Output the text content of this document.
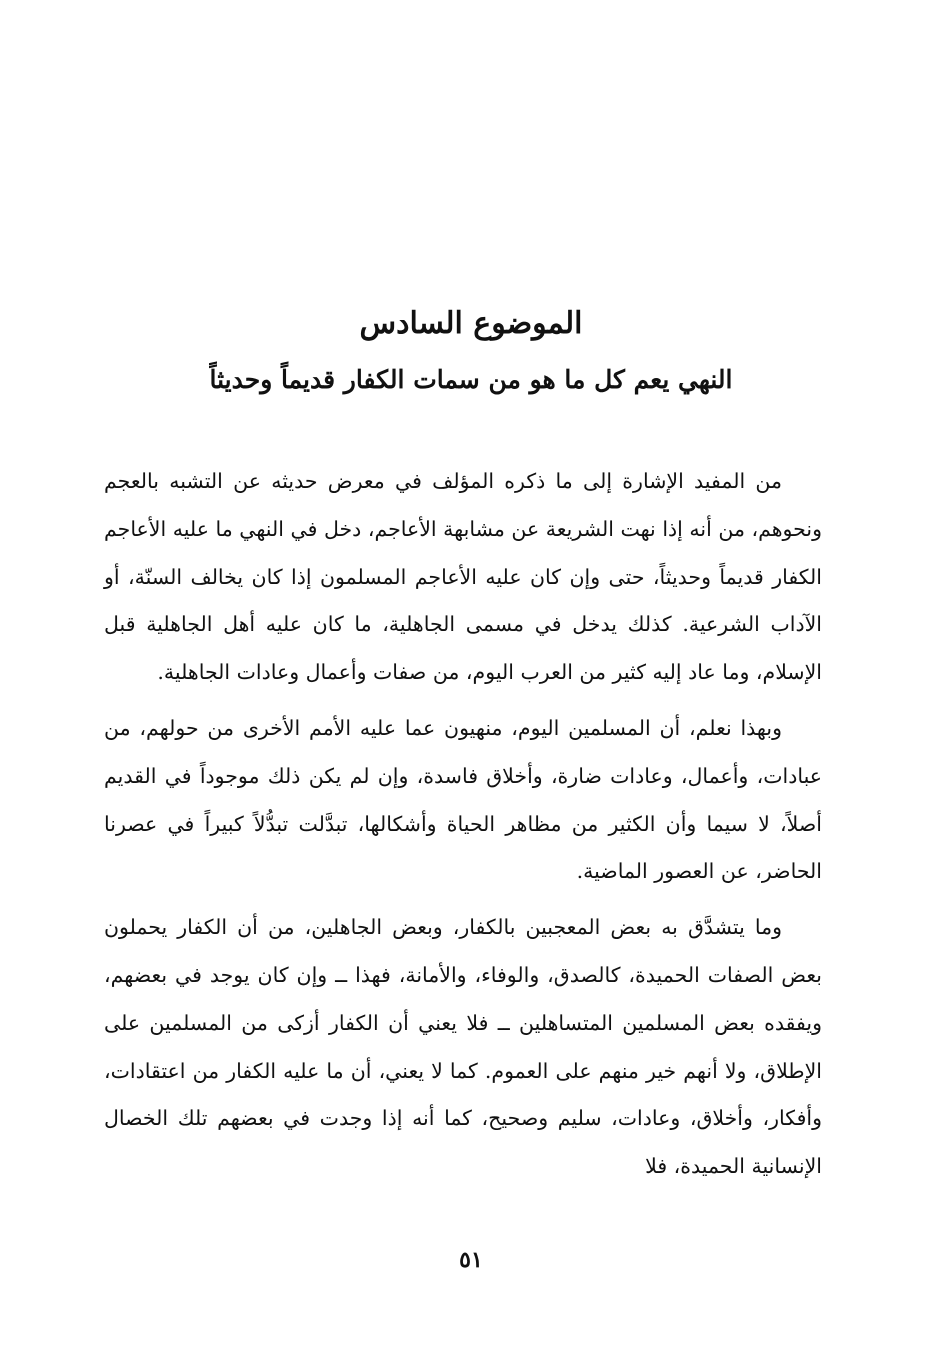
الموضوع السادس
النهي يعم كل ما هو من سمات الكفار قديماً وحديثاً

من المفيد الإشارة إلى ما ذكره المؤلف في معرض حديثه عن التشبه بالعجم ونحوهم، من أنه إذا نهت الشريعة عن مشابهة الأعاجم، دخل في النهي ما عليه الأعاجم الكفار قديماً وحديثاً، حتى وإن كان عليه الأعاجم المسلمون إذا كان يخالف السنّة، أو الآداب الشرعية. كذلك يدخل في مسمى الجاهلية، ما كان عليه أهل الجاهلية قبل الإسلام، وما عاد إليه كثير من العرب اليوم، من صفات وأعمال وعادات الجاهلية.

وبهذا نعلم، أن المسلمين اليوم، منهيون عما عليه الأمم الأخرى من حولهم، من عبادات، وأعمال، وعادات ضارة، وأخلاق فاسدة، وإن لم يكن ذلك موجوداً في القديم أصلاً، لا سيما وأن الكثير من مظاهر الحياة وأشكالها، تبدَّلت تبدُّلاً كبيراً في عصرنا الحاضر، عن العصور الماضية.

وما يتشدَّق به بعض المعجبين بالكفار، وبعض الجاهلين، من أن الكفار يحملون بعض الصفات الحميدة، كالصدق، والوفاء، والأمانة، فهذا ــ وإن كان يوجد في بعضهم، ويفقده بعض المسلمين المتساهلين ــ فلا يعني أن الكفار أزكى من المسلمين على الإطلاق، ولا أنهم خير منهم على العموم. كما لا يعني، أن ما عليه الكفار من اعتقادات، وأفكار، وأخلاق، وعادات، سليم وصحيح، كما أنه إذا وجدت في بعضهم تلك الخصال الإنسانية الحميدة، فلا

٥١
